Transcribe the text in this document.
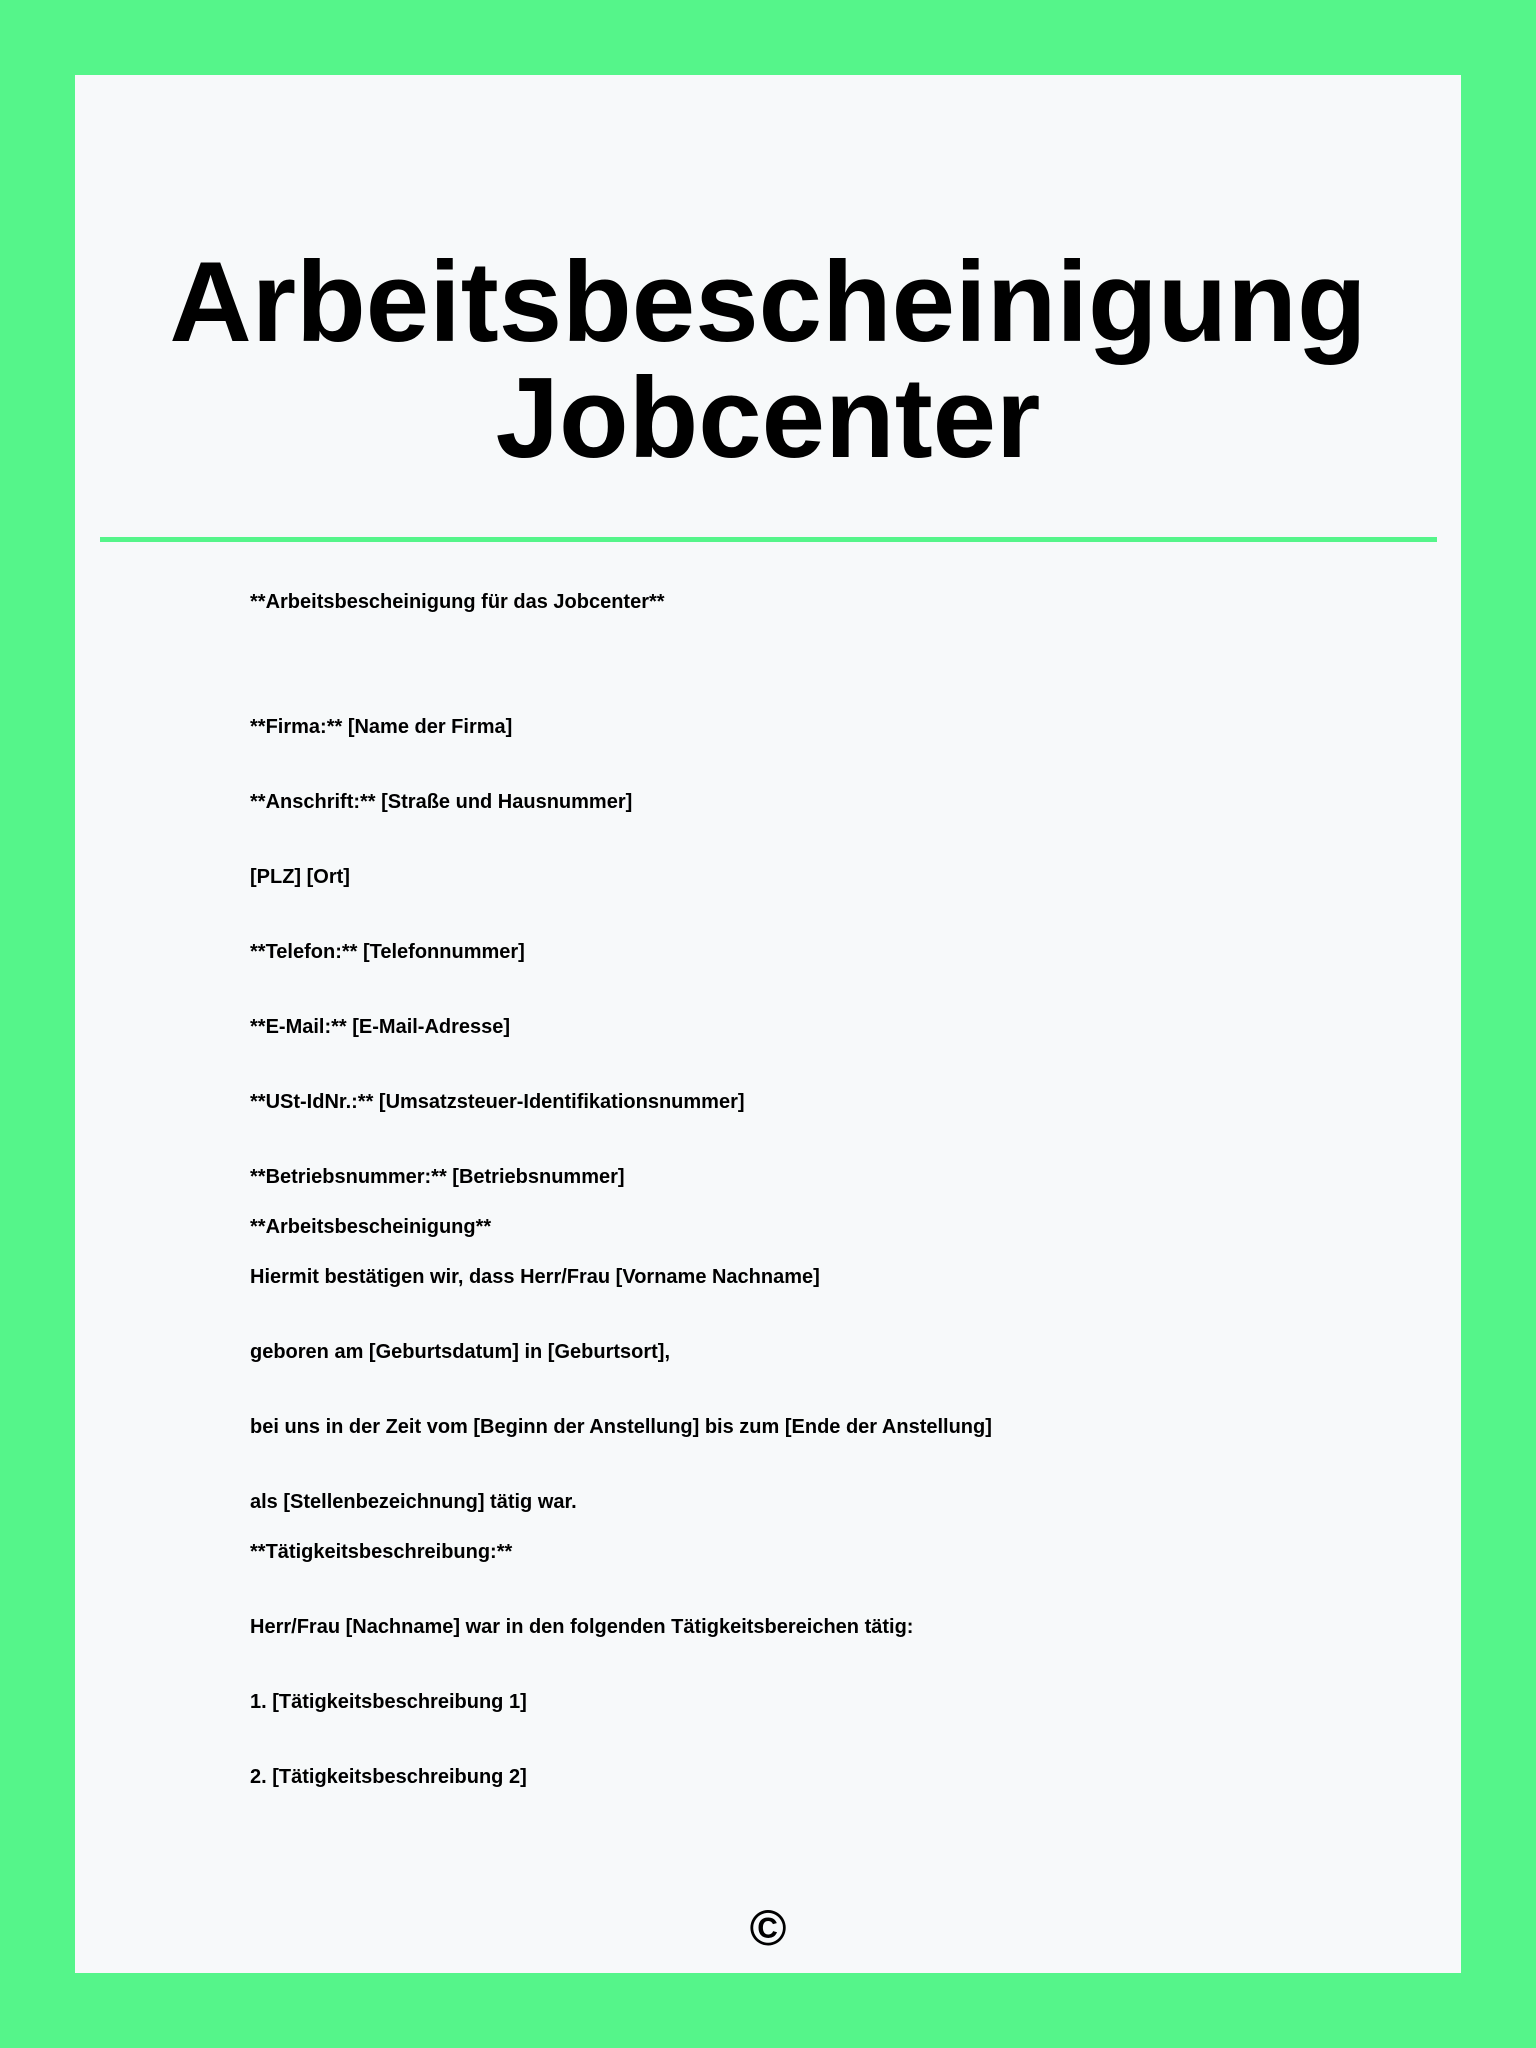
Arbeitsbescheinigung
Jobcenter
**Arbeitsbescheinigung für das Jobcenter**
**Firma:** [Name der Firma]
**Anschrift:** [Straße und Hausnummer]
[PLZ] [Ort]
**Telefon:** [Telefonnummer]
**E-Mail:** [E-Mail-Adresse]
**USt-IdNr.:** [Umsatzsteuer-Identifikationsnummer]
**Betriebsnummer:** [Betriebsnummer]
**Arbeitsbescheinigung**
Hiermit bestätigen wir, dass Herr/Frau [Vorname Nachname]
geboren am [Geburtsdatum] in [Geburtsort],
bei uns in der Zeit vom [Beginn der Anstellung] bis zum [Ende der Anstellung]
als [Stellenbezeichnung] tätig war.
**Tätigkeitsbeschreibung:**
Herr/Frau [Nachname] war in den folgenden Tätigkeitsbereichen tätig:
1. [Tätigkeitsbeschreibung 1]
2. [Tätigkeitsbeschreibung 2]
©
